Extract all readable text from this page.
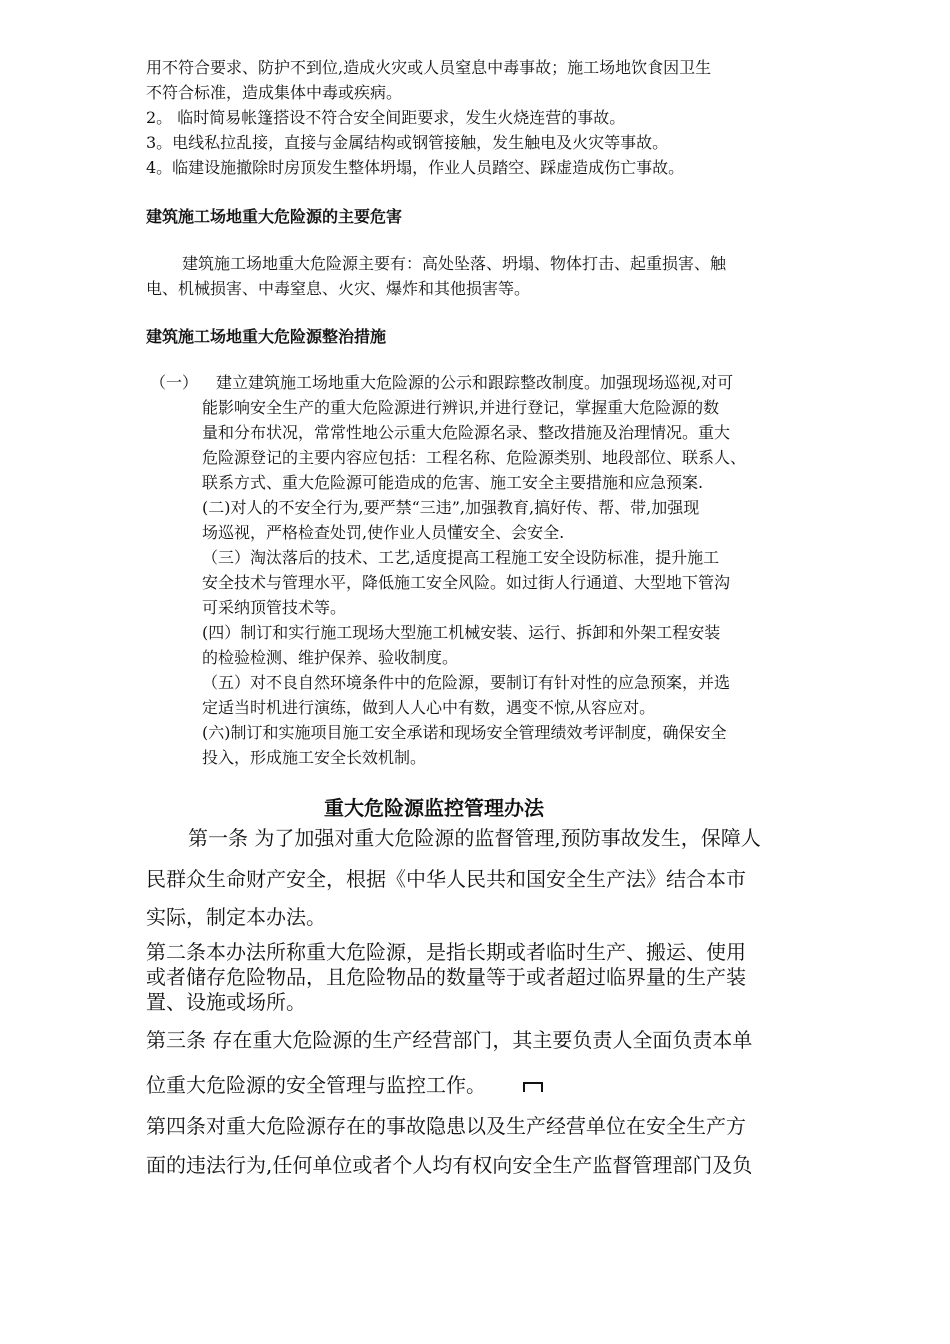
用不符合要求、防护不到位,造成火灾或人员窒息中毒事故；施工场地饮食因卫生

不符合标准，造成集体中毒或疾病。

2。 临时简易帐篷搭设不符合安全间距要求，发生火烧连营的事故。

3。电线私拉乱接，直接与金属结构或钢管接触，发生触电及火灾等事故。

4。临建设施撤除时房顶发生整体坍塌，作业人员踏空、踩虚造成伤亡事故。

建筑施工场地重大危险源的主要危害

建筑施工场地重大危险源主要有：高处坠落、坍塌、物体打击、起重损害、触

电、机械损害、中毒窒息、火灾、爆炸和其他损害等。

建筑施工场地重大危险源整治措施

（一） 建立建筑施工场地重大危险源的公示和跟踪整改制度。加强现场巡视,对可

能影响安全生产的重大危险源进行辨识,并进行登记，掌握重大危险源的数

量和分布状况，常常性地公示重大危险源名录、整改措施及治理情况。重大

危险源登记的主要内容应包括：工程名称、危险源类别、地段部位、联系人、

联系方式、重大危险源可能造成的危害、施工安全主要措施和应急预案.

(二)对人的不安全行为,要严禁“三违”,加强教育,搞好传、帮、带,加强现

场巡视，严格检查处罚,使作业人员懂安全、会安全.

（三）淘汰落后的技术、工艺,适度提高工程施工安全设防标准，提升施工

安全技术与管理水平，降低施工安全风险。如过街人行通道、大型地下管沟

可采纳顶管技术等。

(四）制订和实行施工现场大型施工机械安装、运行、拆卸和外架工程安装

的检验检测、维护保养、验收制度。

（五）对不良自然环境条件中的危险源，要制订有针对性的应急预案，并选

定适当时机进行演练，做到人人心中有数，遇变不惊,从容应对。

(六)制订和实施项目施工安全承诺和现场安全管理绩效考评制度，确保安全

投入，形成施工安全长效机制。

重大危险源监控管理办法

第一条 为了加强对重大危险源的监督管理,预防事故发生，保障人

民群众生命财产安全，根据《中华人民共和国安全生产法》结合本市

实际，制定本办法。

第二条本办法所称重大危险源，是指长期或者临时生产、搬运、使用

或者储存危险物品，且危险物品的数量等于或者超过临界量的生产装

置、设施或场所。

第三条 存在重大危险源的生产经营部门，其主要负责人全面负责本单

位重大危险源的安全管理与监控工作。

第四条对重大危险源存在的事故隐患以及生产经营单位在安全生产方

面的违法行为,任何单位或者个人均有权向安全生产监督管理部门及负
